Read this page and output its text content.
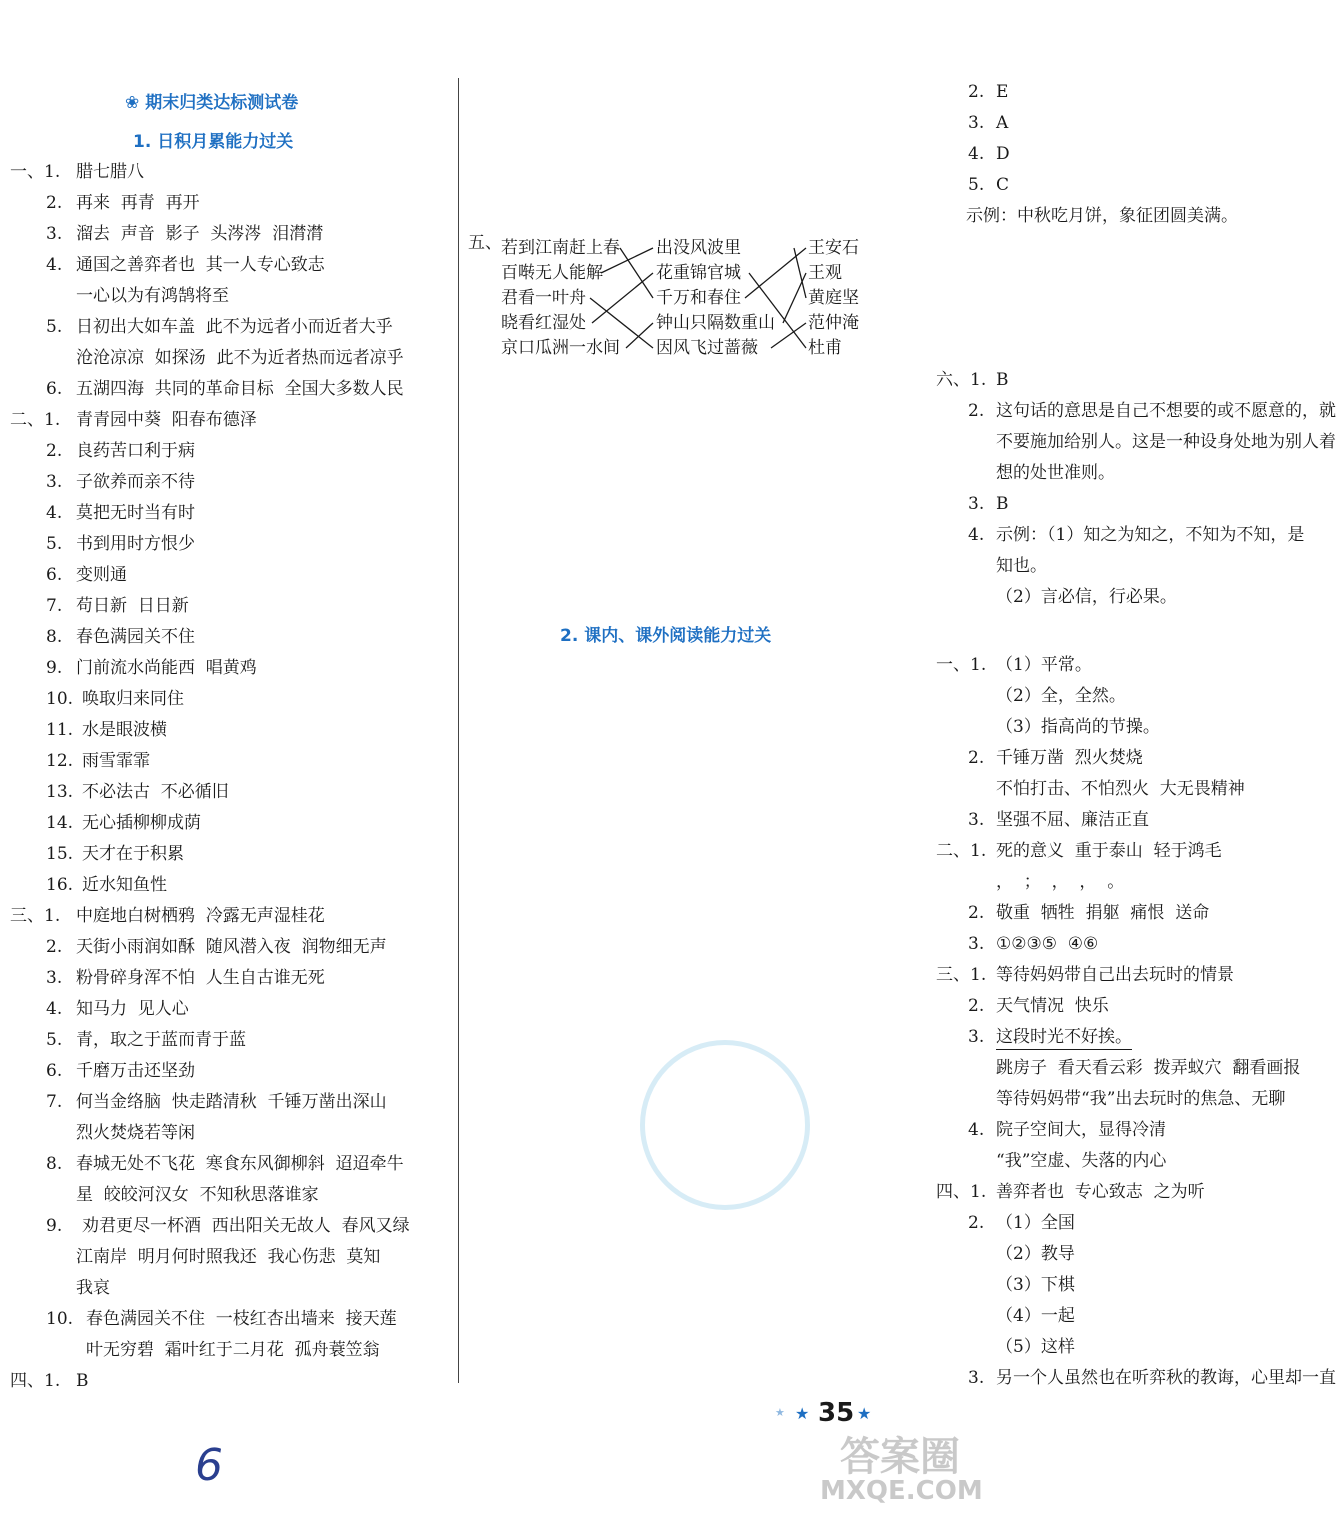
❀ 期末归类达标测试卷
1. 日积月累能力过关
2. 课内、课外阅读能力过关
一、1. 腊七腊八
2. 再来  再青  再开
3. 溜去  声音  影子  头涔涔  泪潸潸
4. 通国之善弈者也  其一人专心致志
一心以为有鸿鹄将至
5. 日初出大如车盖  此不为远者小而近者大乎
沧沧凉凉  如探汤  此不为近者热而远者凉乎
6. 五湖四海  共同的革命目标  全国大多数人民
二、1. 青青园中葵  阳春布德泽
2. 良药苦口利于病
3. 子欲养而亲不待
4. 莫把无时当有时
5. 书到用时方恨少
6. 变则通
7. 苟日新  日日新
8. 春色满园关不住
9. 门前流水尚能西  唱黄鸡
10. 唤取归来同住
11. 水是眼波横
12. 雨雪霏霏
13. 不必法古  不必循旧
14. 无心插柳柳成荫
15. 天才在于积累
16. 近水知鱼性
三、1. 中庭地白树栖鸦  冷露无声湿桂花
2. 天街小雨润如酥  随风潜入夜  润物细无声
3. 粉骨碎身浑不怕  人生自古谁无死
4. 知马力  见人心
5. 青，取之于蓝而青于蓝
6. 千磨万击还坚劲
7. 何当金络脑  快走踏清秋  千锤万凿出深山
烈火焚烧若等闲
8. 春城无处不飞花  寒食东风御柳斜  迢迢牵牛
星  皎皎河汉女  不知秋思落谁家
9. 劝君更尽一杯酒  西出阳关无故人  春风又绿
江南岸  明月何时照我还  我心伤悲  莫知
我哀
10. 春色满园关不住  一枝红杏出墙来  接天莲
叶无穷碧  霜叶红于二月花  孤舟蓑笠翁
四、1. B
2. E
3. A
4. D
5. C
示例：中秋吃月饼，象征团圆美满。
六、1. B
2. 这句话的意思是自己不想要的或不愿意的，就
不要施加给别人。这是一种设身处地为别人着
想的处世准则。
3. B
4. 示例：（1）知之为知之，不知为不知，是
知也。
（2）言必信，行必果。
一、1. （1）平常。
（2）全，全然。
（3）指高尚的节操。
2. 千锤万凿  烈火焚烧
不怕打击、不怕烈火  大无畏精神
3. 坚强不屈、廉洁正直
二、1. 死的意义  重于泰山  轻于鸿毛
，  ；  ，  ，  。
2. 敬重  牺牲  捐躯  痛恨  送命
3. ①②③⑤  ④⑥
三、1. 等待妈妈带自己出去玩时的情景
2. 天气情况  快乐
3. 这段时光不好挨。
跳房子  看天看云彩  拨弄蚁穴  翻看画报
等待妈妈带“我”出去玩时的焦急、无聊
4. 院子空间大，显得冷清
“我”空虚、失落的内心
四、1. 善弈者也  专心致志  之为听
2. （1）全国
（2）教导
（3）下棋
（4）一起
（5）这样
3. 另一个人虽然也在听弈秋的教诲，心里却一直
五、 若到江南赶上春
百啭无人能解
君看一叶舟
晓看红湿处
京口瓜洲一水间
出没风波里
花重锦官城
千万和春住
钟山只隔数重山
因风飞过蔷薇
王安石
王观
黄庭坚
范仲淹
杜甫
★ ★ 35 ★
6	答案圈
MXQE.COM
